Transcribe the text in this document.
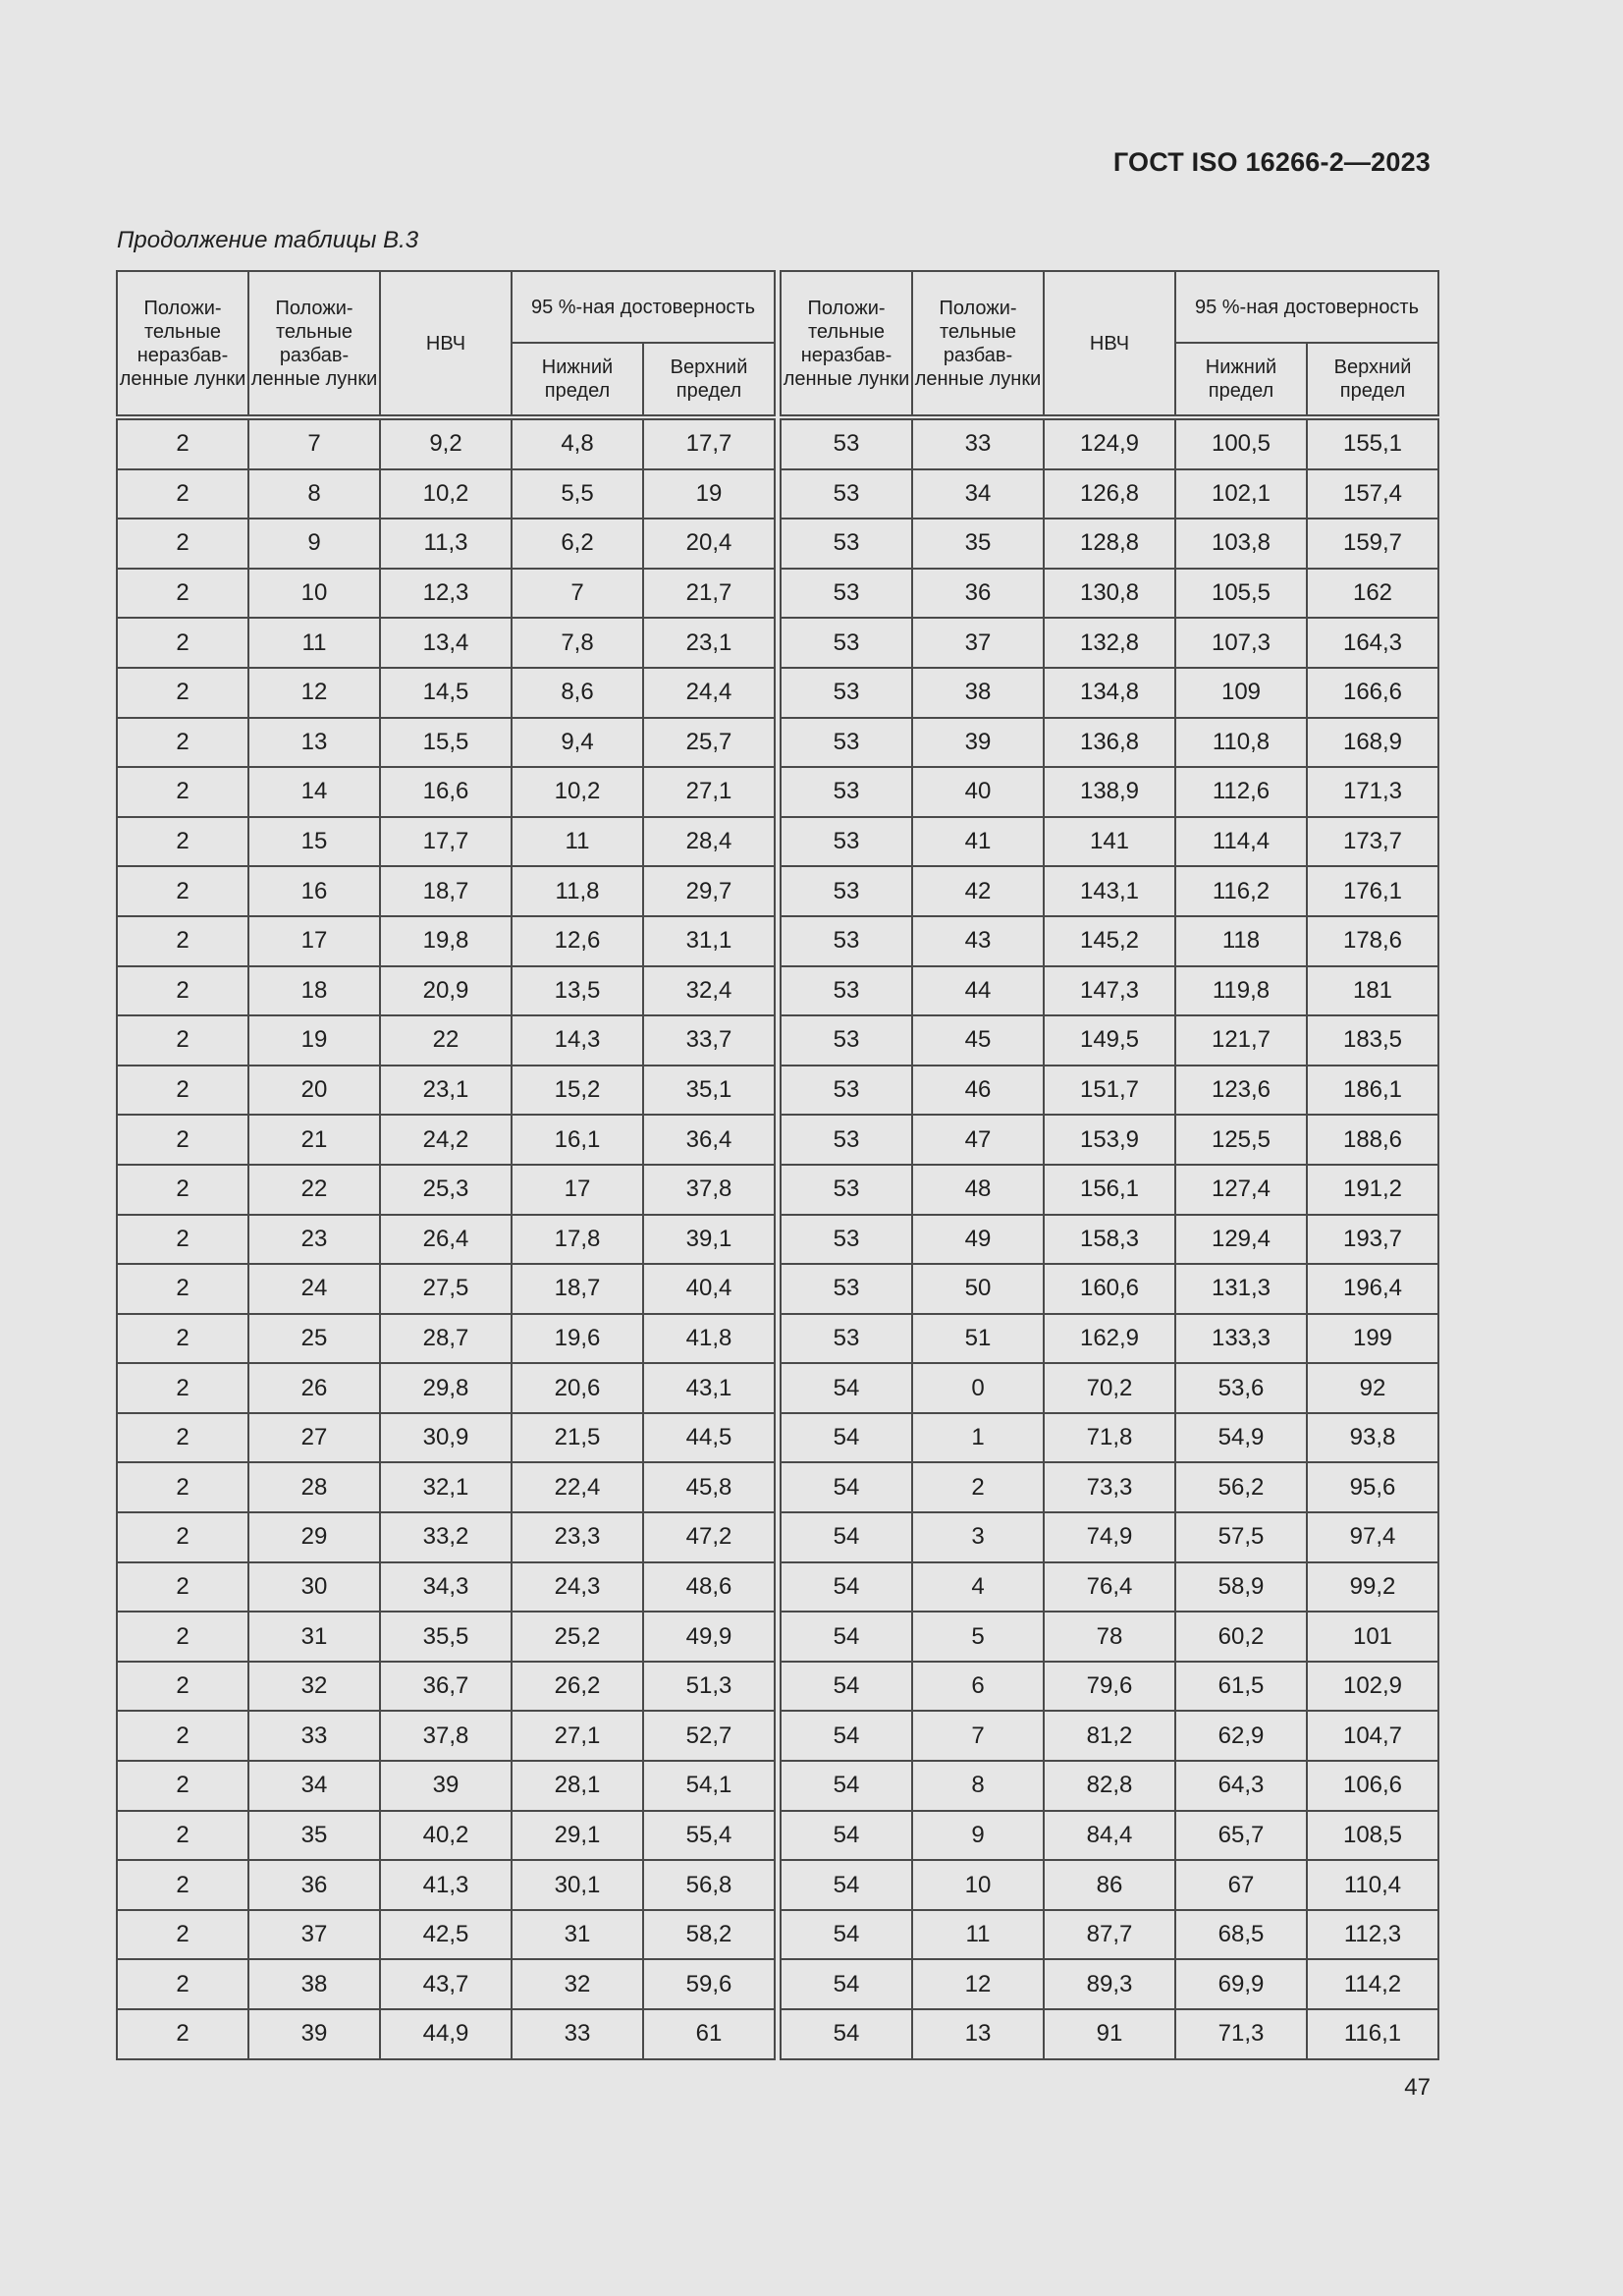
ГОСТ ISO 16266-2—2023
Продолжение таблицы В.3
Положи-тельные неразбав-ленные лунки	Положи-тельные разбав-ленные лунки	НВЧ	95 %-ная достоверность	
			Нижний предел	Верхний предел
2	7	9,2	4,8	17,7
2	8	10,2	5,5	19
2	9	11,3	6,2	20,4
2	10	12,3	7	21,7
2	11	13,4	7,8	23,1
2	12	14,5	8,6	24,4
2	13	15,5	9,4	25,7
2	14	16,6	10,2	27,1
2	15	17,7	11	28,4
2	16	18,7	11,8	29,7
2	17	19,8	12,6	31,1
2	18	20,9	13,5	32,4
2	19	22	14,3	33,7
2	20	23,1	15,2	35,1
2	21	24,2	16,1	36,4
2	22	25,3	17	37,8
2	23	26,4	17,8	39,1
2	24	27,5	18,7	40,4
2	25	28,7	19,6	41,8
2	26	29,8	20,6	43,1
2	27	30,9	21,5	44,5
2	28	32,1	22,4	45,8
2	29	33,2	23,3	47,2
2	30	34,3	24,3	48,6
2	31	35,5	25,2	49,9
2	32	36,7	26,2	51,3
2	33	37,8	27,1	52,7
2	34	39	28,1	54,1
2	35	40,2	29,1	55,4
2	36	41,3	30,1	56,8
2	37	42,5	31	58,2
2	38	43,7	32	59,6
2	39	44,9	33	61
Положи-тельные неразбав-ленные лунки	Положи-тельные разбав-ленные лунки	НВЧ	95 %-ная достоверность	
			Нижний предел	Верхний предел
53	33	124,9	100,5	155,1
53	34	126,8	102,1	157,4
53	35	128,8	103,8	159,7
53	36	130,8	105,5	162
53	37	132,8	107,3	164,3
53	38	134,8	109	166,6
53	39	136,8	110,8	168,9
53	40	138,9	112,6	171,3
53	41	141	114,4	173,7
53	42	143,1	116,2	176,1
53	43	145,2	118	178,6
53	44	147,3	119,8	181
53	45	149,5	121,7	183,5
53	46	151,7	123,6	186,1
53	47	153,9	125,5	188,6
53	48	156,1	127,4	191,2
53	49	158,3	129,4	193,7
53	50	160,6	131,3	196,4
53	51	162,9	133,3	199
54	0	70,2	53,6	92
54	1	71,8	54,9	93,8
54	2	73,3	56,2	95,6
54	3	74,9	57,5	97,4
54	4	76,4	58,9	99,2
54	5	78	60,2	101
54	6	79,6	61,5	102,9
54	7	81,2	62,9	104,7
54	8	82,8	64,3	106,6
54	9	84,4	65,7	108,5
54	10	86	67	110,4
54	11	87,7	68,5	112,3
54	12	89,3	69,9	114,2
54	13	91	71,3	116,1
47
